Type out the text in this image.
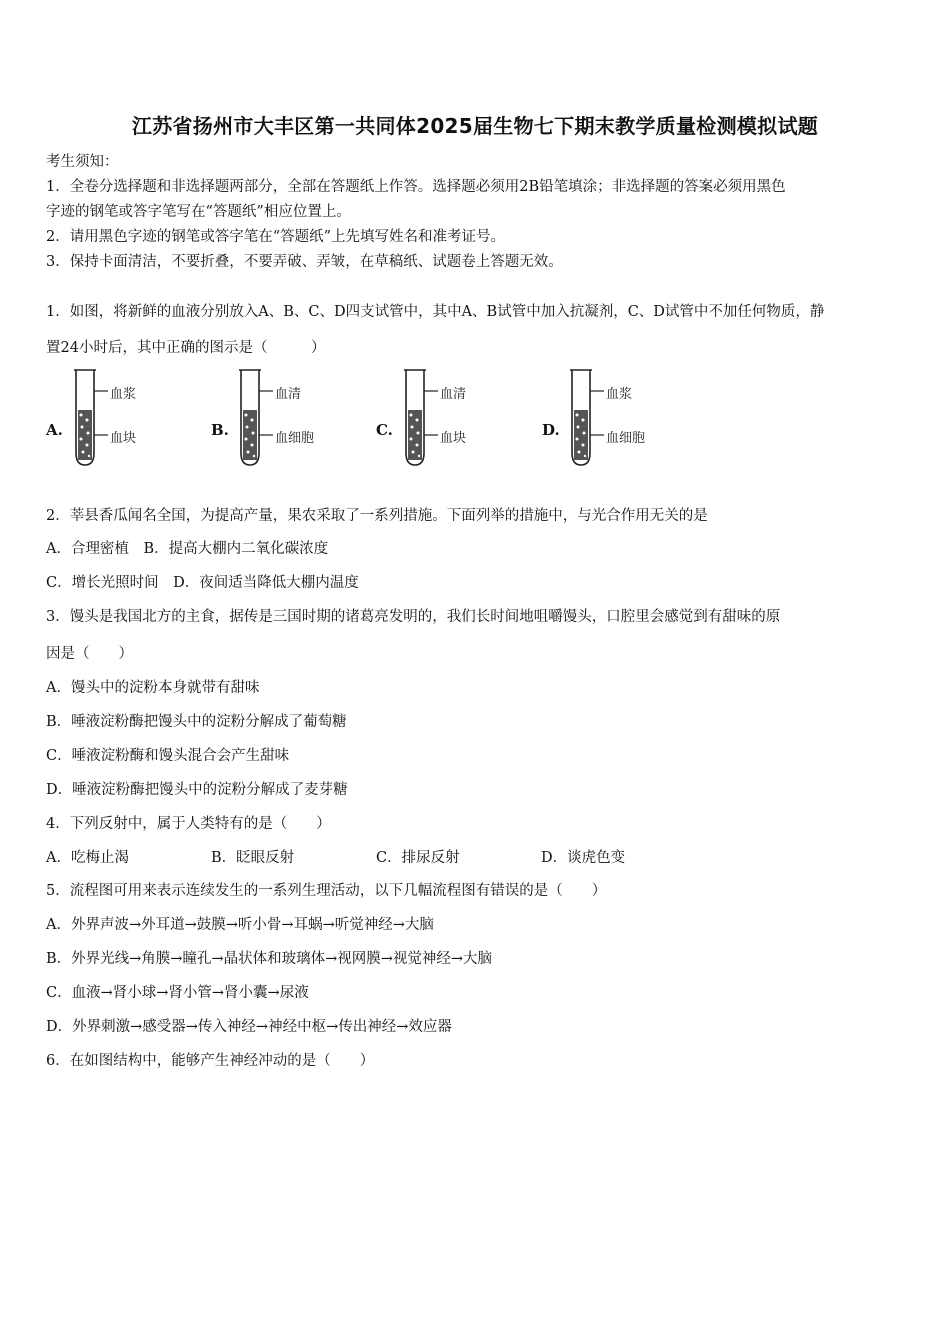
江苏省扬州市大丰区第一共同体2025届生物七下期末教学质量检测模拟试题
考生须知：
1．全卷分选择题和非选择题两部分，全部在答题纸上作答。选择题必须用2B铅笔填涂；非选择题的答案必须用黑色
字迹的钢笔或答字笔写在“答题纸”相应位置上。
2．请用黑色字迹的钢笔或答字笔在“答题纸”上先填写姓名和准考证号。
3．保持卡面清洁，不要折叠，不要弄破、弄皱，在草稿纸、试题卷上答题无效。
1．如图，将新鲜的血液分别放入A、B、C、D四支试管中，其中A、B试管中加入抗凝剂，C、D试管中不加任何物质，静
置24小时后，其中正确的图示是（　　　）
A.
血浆
血块	B.
血清
血细胞	C.
血清
血块	D.
血浆
血细胞
2．莘县香瓜闻名全国，为提高产量，果农采取了一系列措施。下面列举的措施中，与光合作用无关的是
A．合理密植　B．提高大棚内二氧化碳浓度
C．增长光照时间　D．夜间适当降低大棚内温度
3．馒头是我国北方的主食，据传是三国时期的诸葛亮发明的，我们长时间地咀嚼馒头，口腔里会感觉到有甜味的原
因是（　　）
A．馒头中的淀粉本身就带有甜味
B．唾液淀粉酶把馒头中的淀粉分解成了葡萄糖
C．唾液淀粉酶和馒头混合会产生甜味
D．唾液淀粉酶把馒头中的淀粉分解成了麦芽糖
4．下列反射中，属于人类特有的是（　　）
A．吃梅止渴	B．眨眼反射	C．排尿反射	D．谈虎色变
5．流程图可用来表示连续发生的一系列生理活动，以下几幅流程图有错误的是（　　）
A．外界声波→外耳道→鼓膜→听小骨→耳蜗→听觉神经→大脑
B．外界光线→角膜→瞳孔→晶状体和玻璃体→视网膜→视觉神经→大脑
C．血液→肾小球→肾小管→肾小囊→尿液
D．外界刺激→感受器→传入神经→神经中枢→传出神经→效应器
6．在如图结构中，能够产生神经冲动的是（　　）
